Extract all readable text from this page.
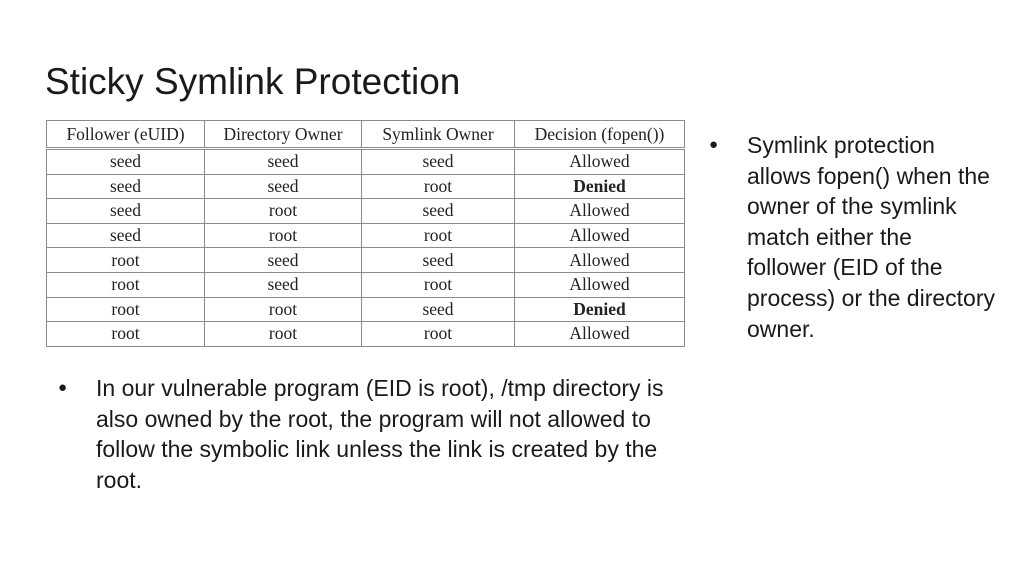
Sticky Symlink Protection
Follower (eUID)	Directory Owner	Symlink Owner	Decision (fopen())
seed	seed	seed	Allowed
seed	seed	root	Denied
seed	root	seed	Allowed
seed	root	root	Allowed
root	seed	seed	Allowed
root	seed	root	Allowed
root	root	seed	Denied
root	root	root	Allowed
● Symlink protection allows fopen() when the owner of the symlink match either the follower (EID of the process) or the directory owner.
● In our vulnerable program (EID is root), /tmp directory is also owned by the root, the program will not allowed to follow the symbolic link unless the link is created by the root.
